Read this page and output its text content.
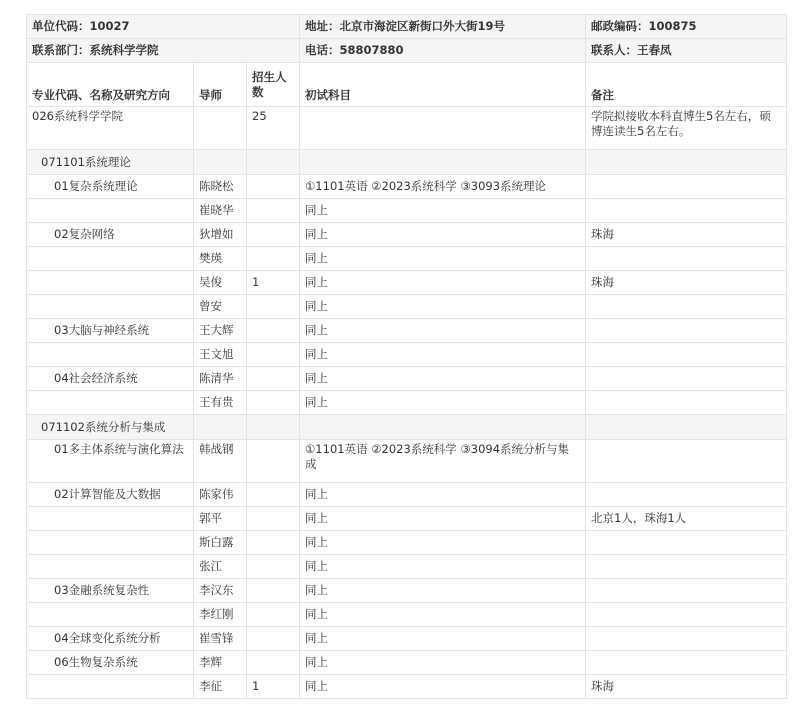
单位代码：10027			地址：北京市海淀区新街口外大街19号	邮政编码：100875
联系部门：系统科学学院			电话：58807880	联系人：王春凤
专业代码、名称及研究方向	导师	招生人数	初试科目	备注
026系统科学学院		25		学院拟接收本科直博生5名左右，硕博连读生5名左右。
071101系统理论				
01复杂系统理论	陈晓松		①1101英语 ②2023系统科学 ③3093系统理论	
	崔晓华		同上	
02复杂网络	狄增如		同上	珠海
	樊瑛		同上	
	吴俊	1	同上	珠海
	曾安		同上	
03大脑与神经系统	王大辉		同上	
	王文旭		同上	
04社会经济系统	陈清华		同上	
	王有贵		同上	
071102系统分析与集成				
01多主体系统与演化算法	韩战钢		①1101英语 ②2023系统科学 ③3094系统分析与集成	
02计算智能及大数据	陈家伟		同上	
	郭平		同上	北京1人，珠海1人
	斯白露		同上	
	张江		同上	
03金融系统复杂性	李汉东		同上	
	李红刚		同上	
04全球变化系统分析	崔雪锋		同上	
06生物复杂系统	李辉		同上	
	李征	1	同上	珠海
